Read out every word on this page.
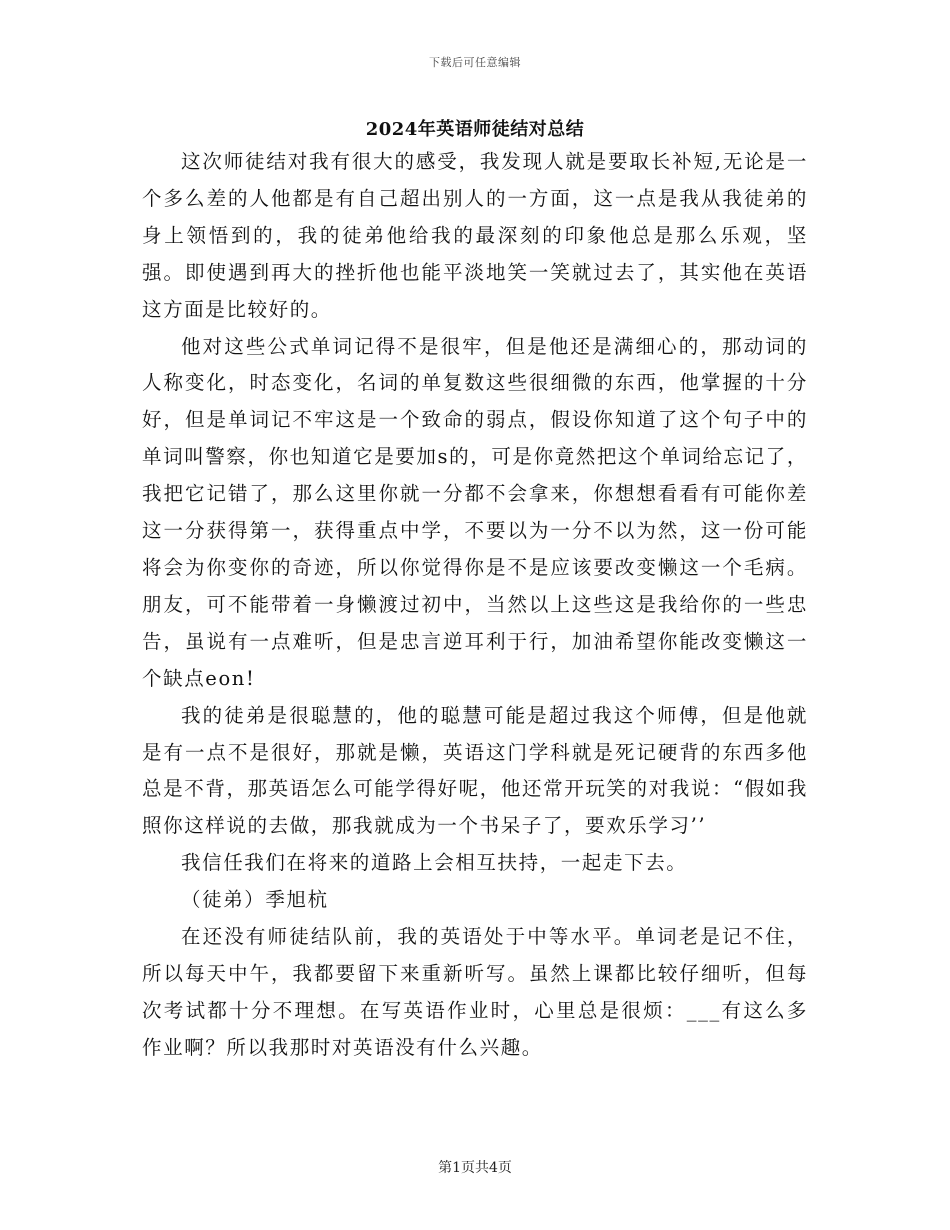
下载后可任意编辑
2024年英语师徒结对总结

这次师徒结对我有很大的感受，我发现人就是要取长补短,无论是一个多么差的人他都是有自己超出别人的一方面，这一点是我从我徒弟的身上领悟到的，我的徒弟他给我的最深刻的印象他总是那么乐观，坚强。即使遇到再大的挫折他也能平淡地笑一笑就过去了，其实他在英语这方面是比较好的。

他对这些公式单词记得不是很牢，但是他还是满细心的，那动词的人称变化，时态变化，名词的单复数这些很细微的东西，他掌握的十分好，但是单词记不牢这是一个致命的弱点，假设你知道了这个句子中的单词叫警察，你也知道它是要加s的，可是你竟然把这个单词给忘记了，我把它记错了，那么这里你就一分都不会拿来，你想想看看有可能你差这一分获得第一，获得重点中学，不要以为一分不以为然，这一份可能将会为你变你的奇迹，所以你觉得你是不是应该要改变懒这一个毛病。朋友，可不能带着一身懒渡过初中，当然以上这些这是我给你的一些忠告，虽说有一点难听，但是忠言逆耳利于行，加油希望你能改变懒这一个缺点eon!

我的徒弟是很聪慧的，他的聪慧可能是超过我这个师傅，但是他就是有一点不是很好，那就是懒，英语这门学科就是死记硬背的东西多他总是不背，那英语怎么可能学得好呢，他还常开玩笑的对我说：“假如我照你这样说的去做，那我就成为一个书呆子了，要欢乐学习’’

我信任我们在将来的道路上会相互扶持，一起走下去。

（徒弟）季旭杭

在还没有师徒结队前，我的英语处于中等水平。单词老是记不住，所以每天中午，我都要留下来重新听写。虽然上课都比较仔细听，但每次考试都十分不理想。在写英语作业时，心里总是很烦：___有这么多作业啊？所以我那时对英语没有什么兴趣。

第1页共4页
